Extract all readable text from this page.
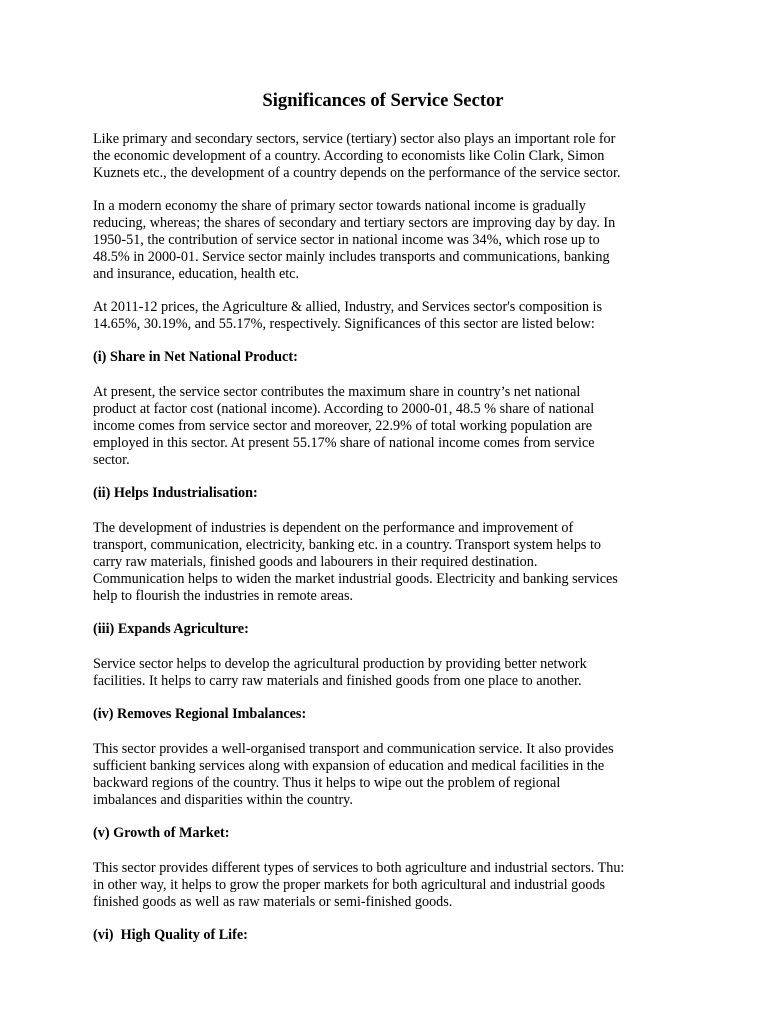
Significances of Service Sector

Like primary and secondary sectors, service (tertiary) sector also plays an important role for
the economic development of a country. According to economists like Colin Clark, Simon
Kuznets etc., the development of a country depends on the performance of the service sector.

In a modern economy the share of primary sector towards national income is gradually
reducing, whereas; the shares of secondary and tertiary sectors are improving day by day. In
1950-51, the contribution of service sector in national income was 34%, which rose up to
48.5% in 2000-01. Service sector mainly includes transports and communications, banking
and insurance, education, health etc.

At 2011-12 prices, the Agriculture & allied, Industry, and Services sector's composition is
14.65%, 30.19%, and 55.17%, respectively. Significances of this sector are listed below:

(i) Share in Net National Product:

At present, the service sector contributes the maximum share in country’s net national
product at factor cost (national income). According to 2000-01, 48.5 % share of national
income comes from service sector and moreover, 22.9% of total working population are
employed in this sector. At present 55.17% share of national income comes from service
sector.

(ii) Helps Industrialisation:

The development of industries is dependent on the performance and improvement of
transport, communication, electricity, banking etc. in a country. Transport system helps to
carry raw materials, finished goods and labourers in their required destination.
Communication helps to widen the market industrial goods. Electricity and banking services
help to flourish the industries in remote areas.

(iii) Expands Agriculture:

Service sector helps to develop the agricultural production by providing better network
facilities. It helps to carry raw materials and finished goods from one place to another.

(iv) Removes Regional Imbalances:

This sector provides a well-organised transport and communication service. It also provides
sufficient banking services along with expansion of education and medical facilities in the
backward regions of the country. Thus it helps to wipe out the problem of regional
imbalances and disparities within the country.

(v) Growth of Market:

This sector provides different types of services to both agriculture and industrial sectors. Thu:
in other way, it helps to grow the proper markets for both agricultural and industrial goods
finished goods as well as raw materials or semi-finished goods.

(vi)  High Quality of Life:
